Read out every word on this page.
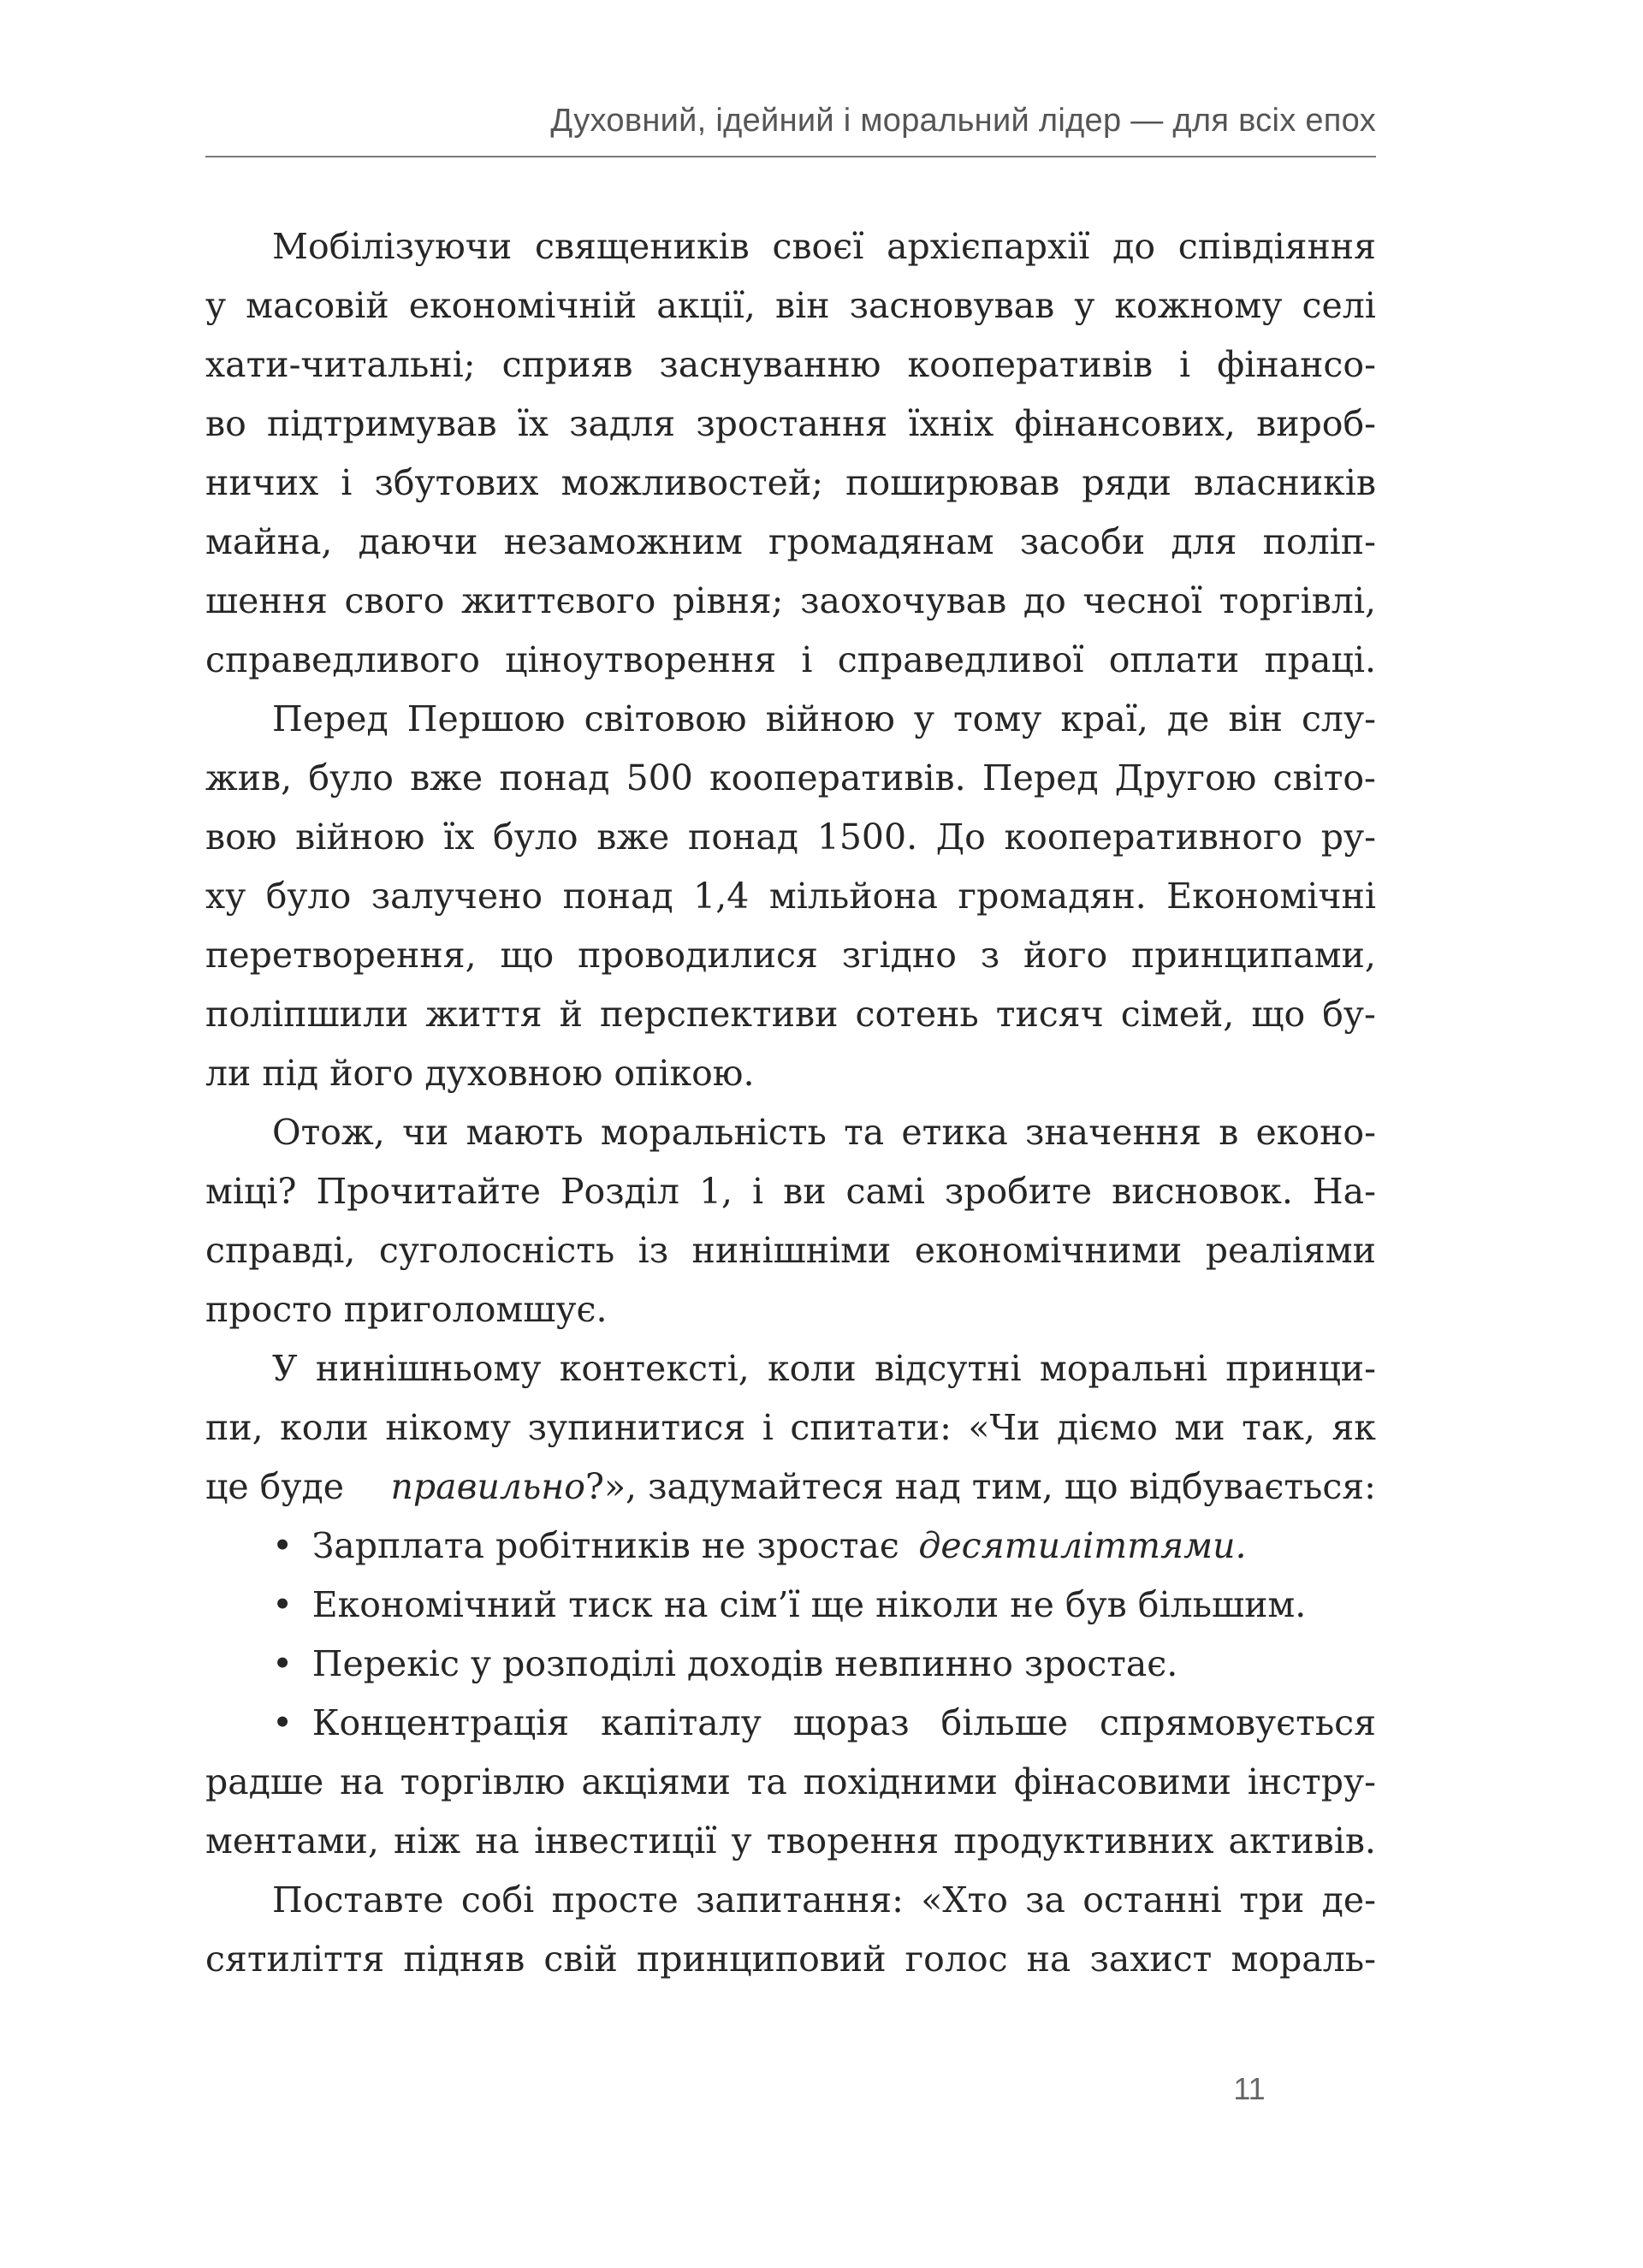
Духовний, ідейний і моральний лідер — для всіх епох
Мобілізуючи священиків своєї архієпархії до співдіяння
у масовій економічній акції, він засновував у кожному селі
хати-читальні; сприяв заснуванню кооперативів і фінансо-
во підтримував їх задля зростання їхніх фінансових, вироб-
ничих і збутових можливостей; поширював ряди власників
майна, даючи незаможним громадянам засоби для поліп-
шення свого життєвого рівня; заохочував до чесної торгівлі,
справедливого ціноутворення і справедливої оплати праці.
Перед Першою світовою війною у тому краї, де він слу-
жив, було вже понад 500 кооперативів. Перед Другою світо-
вою війною їх було вже понад 1500. До кооперативного ру-
ху було залучено понад 1,4 мільйона громадян. Економічні
перетворення, що проводилися згідно з його принципами,
поліпшили життя й перспективи сотень тисяч сімей, що бу-
ли під його духовною опікою.
Отож, чи мають моральність та етика значення в еконо-
міці? Прочитайте Розділ 1, і ви самі зробите висновок. На-
справді, суголосність із нинішніми економічними реаліями
просто приголомшує.
У нинішньому контексті, коли відсутні моральні принци-
пи, коли нікому зупинитися і спитати: «Чи діємо ми так, як
це буде правильно?», задумайтеся над тим, що відбувається:
• Зарплата робітників не зростає десятиліттями.
• Економічний тиск на сім’ї ще ніколи не був більшим.
• Перекіс у розподілі доходів невпинно зростає.
• Концентрація капіталу щораз більше спрямовується
радше на торгівлю акціями та похідними фінасовими інстру-
ментами, ніж на інвестиції у творення продуктивних активів.
Поставте собі просте запитання: «Хто за останні три де-
сятиліття підняв свій принциповий голос на захист мораль-
11
